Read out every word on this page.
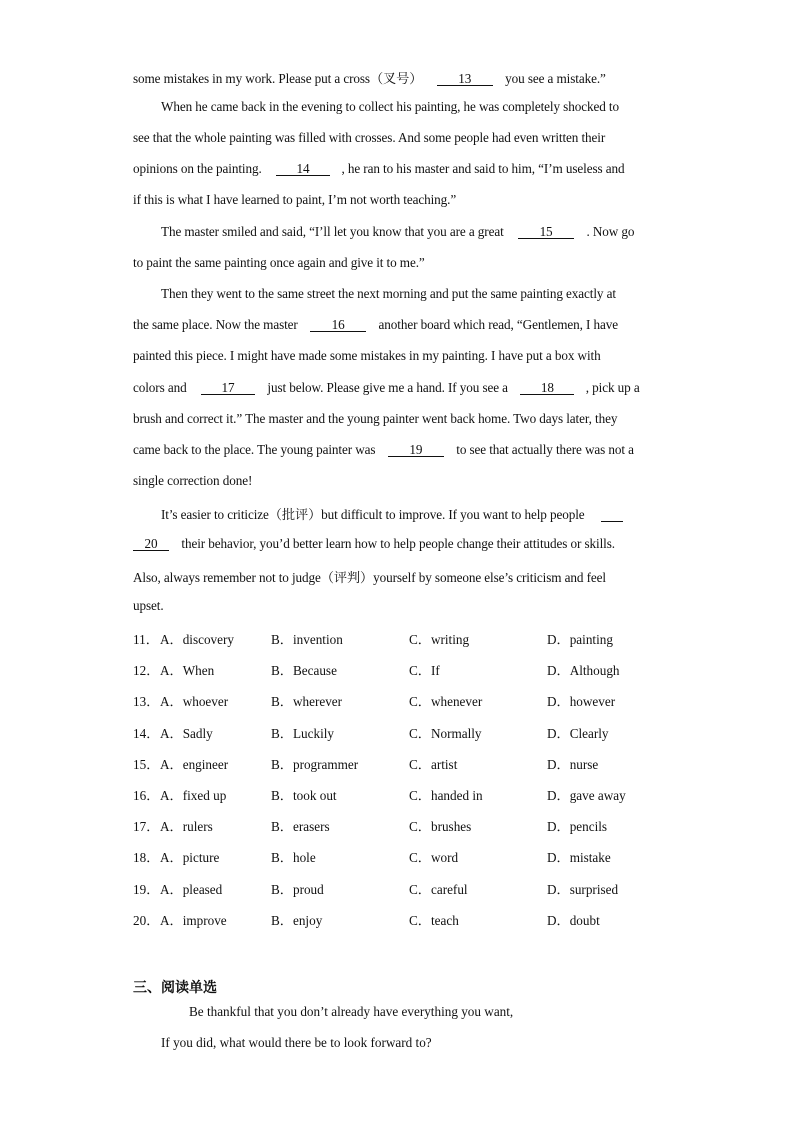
some mistakes in my work. Please put a cross（叉号）	13	you see a mistake.”
When he came back in the evening to collect his painting, he was completely shocked to
see that the whole painting was filled with crosses. And some people had even written their
opinions on the painting.	14 , he ran to his master and said to him, “I’m useless and
if this is what I have learned to paint, I’m not worth teaching.”
The master smiled and said, “I’ll let you know that you are a great	15	. Now go
to paint the same painting once again and give it to me.”
Then they went to the same street the next morning and put the same painting exactly at
the same place. Now the master	16	another board which read, “Gentlemen, I have
painted this piece. I might have made some mistakes in my painting. I have put a box with
colors and	17 just below. Please give me a hand. If you see a 18 , pick up a
brush and correct it.” The master and the young painter went back home. Two days later, they
came back to the place. The young painter was	19	to see that actually there was not a
single correction done!
It’s easier to criticize（批评）but difficult to improve. If you want to help people
20 their behavior, you’d better learn how to help people change their attitudes or skills.
Also, always remember not to judge（评判）yourself by someone else’s criticism and feel
upset.
11． A．discovery	B．invention	C．writing	D．painting
12． A．When	B．Because	C．If	D．Although
13． A．whoever	B．wherever	C．whenever	D．however
14． A．Sadly	B．Luckily	C．Normally	D．Clearly
15． A．engineer	B．programmer	C．artist	D．nurse
16． A．fixed up	B．took out	C．handed in	D．gave away
17． A．rulers	B．erasers	C．brushes	D．pencils
18． A．picture	B．hole	C．word	D．mistake
19． A．pleased	B．proud	C．careful	D．surprised
20． A．improve	B．enjoy	C．teach	D．doubt
三、阅读单选
Be thankful that you don’t already have everything you want,
If you did, what would there be to look forward to?
